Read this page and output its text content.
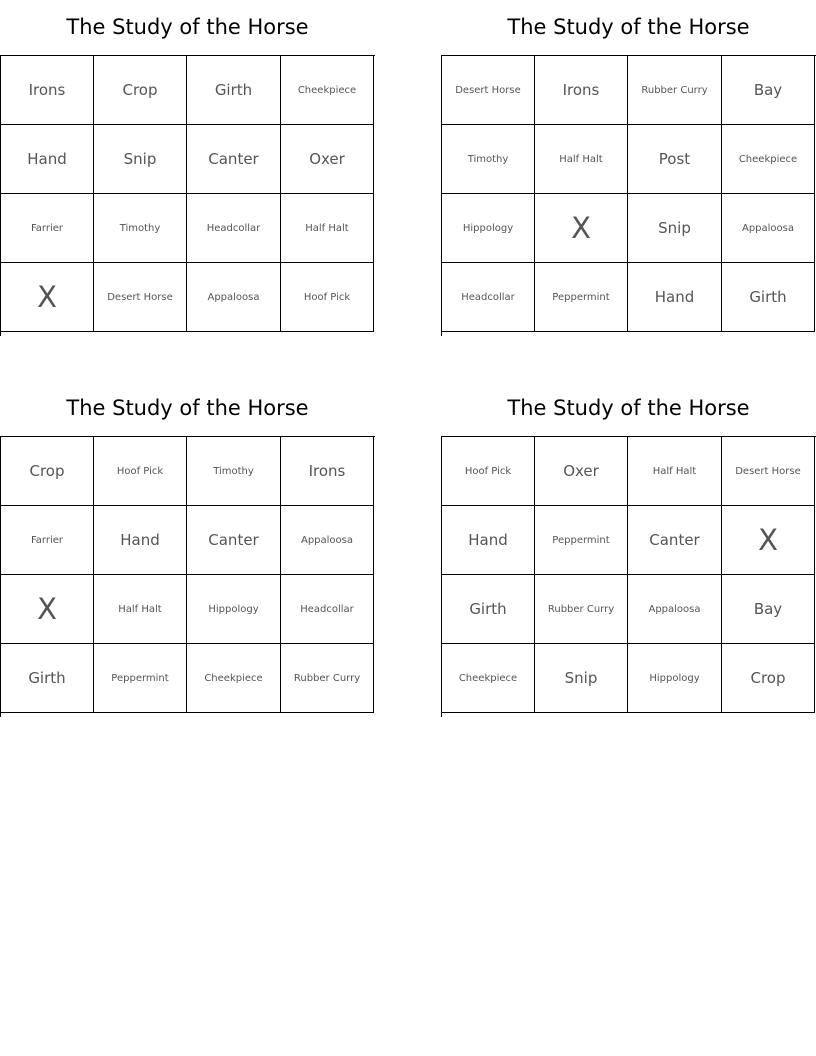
The Study of the Horse
Irons	Crop	Girth	Cheekpiece
Hand	Snip	Canter	Oxer
Farrier	Timothy	Headcollar	Half Halt
X	Desert Horse	Appaloosa	Hoof Pick
The Study of the Horse
Desert Horse	Irons	Rubber Curry	Bay
Timothy	Half Halt	Post	Cheekpiece
Hippology	X	Snip	Appaloosa
Headcollar	Peppermint	Hand	Girth
The Study of the Horse
Crop	Hoof Pick	Timothy	Irons
Farrier	Hand	Canter	Appaloosa
X	Half Halt	Hippology	Headcollar
Girth	Peppermint	Cheekpiece	Rubber Curry
The Study of the Horse
Hoof Pick	Oxer	Half Halt	Desert Horse
Hand	Peppermint	Canter	X
Girth	Rubber Curry	Appaloosa	Bay
Cheekpiece	Snip	Hippology	Crop
